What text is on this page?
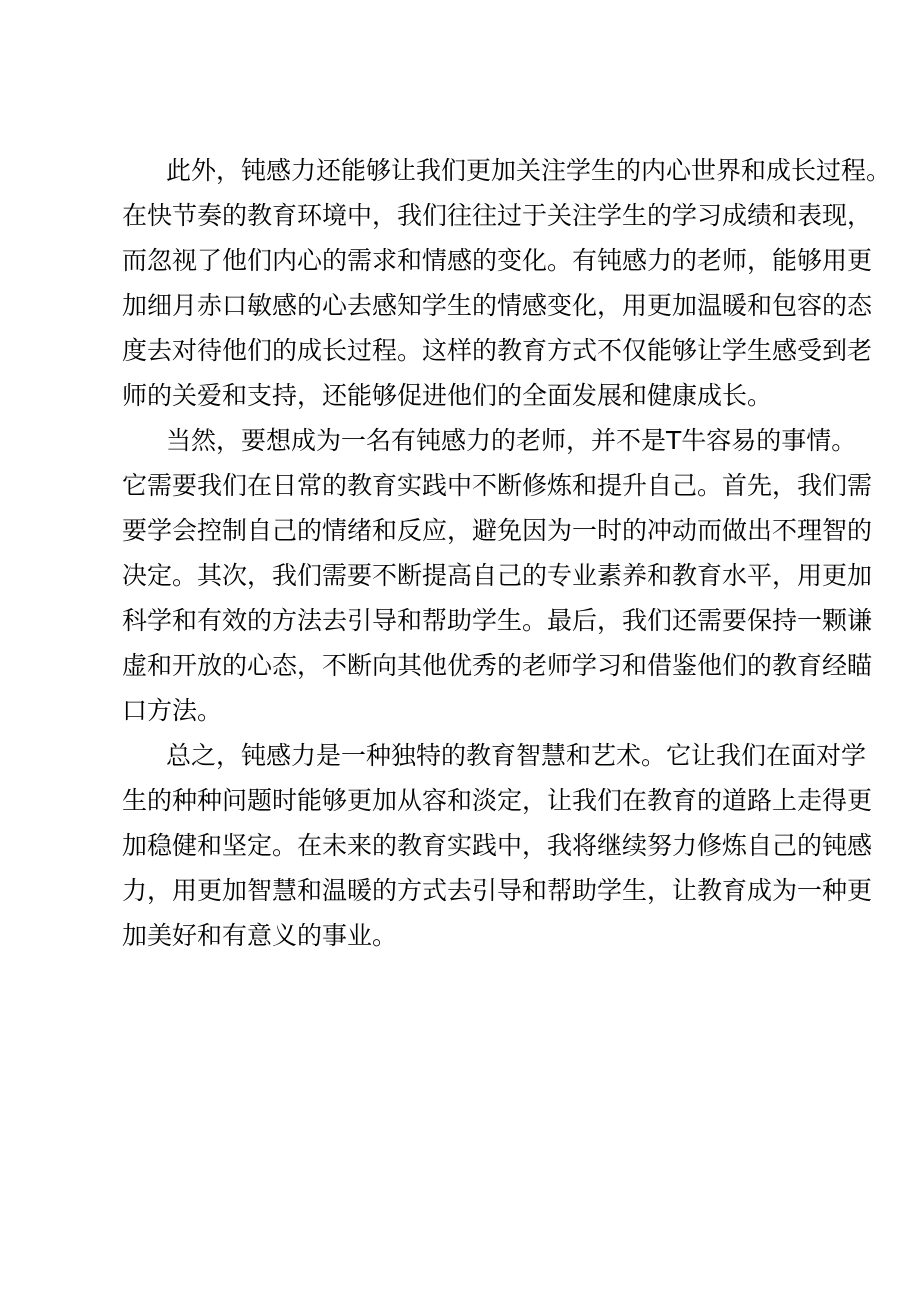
此外，钝感力还能够让我们更加关注学生的内心世界和成长过程。
在快节奏的教育环境中，我们往往过于关注学生的学习成绩和表现，
而忽视了他们内心的需求和情感的变化。有钝感力的老师，能够用更
加细月赤口敏感的心去感知学生的情感变化，用更加温暖和包容的态
度去对待他们的成长过程。这样的教育方式不仅能够让学生感受到老
师的关爱和支持，还能够促进他们的全面发展和健康成长。
当然，要想成为一名有钝感力的老师，并不是T牛容易的事情。
它需要我们在日常的教育实践中不断修炼和提升自己。首先，我们需
要学会控制自己的情绪和反应，避免因为一时的冲动而做出不理智的
决定。其次，我们需要不断提高自己的专业素养和教育水平，用更加
科学和有效的方法去引导和帮助学生。最后，我们还需要保持一颗谦
虚和开放的心态，不断向其他优秀的老师学习和借鉴他们的教育经瞄
口方法。
总之，钝感力是一种独特的教育智慧和艺术。它让我们在面对学
生的种种问题时能够更加从容和淡定，让我们在教育的道路上走得更
加稳健和坚定。在未来的教育实践中，我将继续努力修炼自己的钝感
力，用更加智慧和温暖的方式去引导和帮助学生，让教育成为一种更
加美好和有意义的事业。
